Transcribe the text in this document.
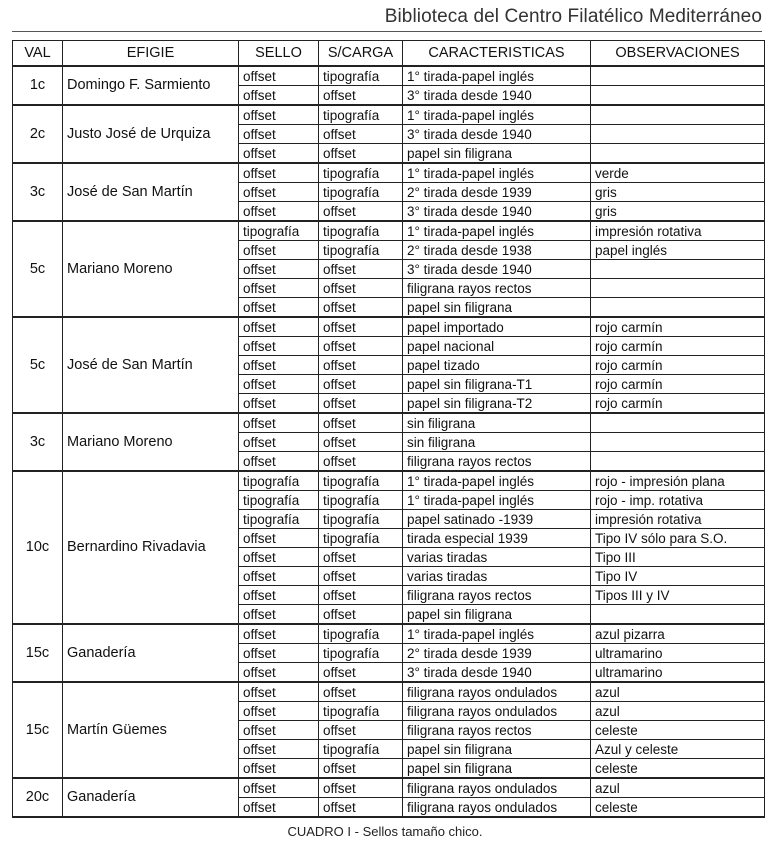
Biblioteca del Centro Filatélico Mediterráneo
VAL	EFIGIE	SELLO	S/CARGA	CARACTERISTICAS	OBSERVACIONES
1c	Domingo F. Sarmiento	offset	tipografía	1° tirada-papel inglés	
		offset	offset	3° tirada desde 1940	
2c	Justo José de Urquiza	offset	tipografía	1° tirada-papel inglés	
		offset	offset	3° tirada desde 1940	
		offset	offset	papel sin filigrana	
3c	José de San Martín	offset	tipografía	1° tirada-papel inglés	verde
		offset	tipografía	2° tirada desde 1939	gris
		offset	offset	3° tirada desde 1940	gris
5c	Mariano Moreno	tipografía	tipografía	1° tirada-papel inglés	impresión rotativa
		offset	tipografía	2° tirada desde 1938	papel inglés
		offset	offset	3° tirada desde 1940	
		offset	offset	filigrana rayos rectos	
		offset	offset	papel sin filigrana	
5c	José de San Martín	offset	offset	papel importado	rojo carmín
		offset	offset	papel nacional	rojo carmín
		offset	offset	papel tizado	rojo carmín
		offset	offset	papel sin filigrana-T1	rojo carmín
		offset	offset	papel sin filigrana-T2	rojo carmín
3c	Mariano Moreno	offset	offset	sin filigrana	
		offset	offset	sin filigrana	
		offset	offset	filigrana rayos rectos	
10c	Bernardino Rivadavia	tipografía	tipografía	1° tirada-papel inglés	rojo - impresión plana
		tipografía	tipografía	1° tirada-papel inglés	rojo - imp. rotativa
		tipografía	tipografía	papel satinado -1939	impresión rotativa
		offset	tipografía	tirada especial 1939	Tipo IV sólo para S.O.
		offset	offset	varias tiradas	Tipo III
		offset	offset	varias tiradas	Tipo IV
		offset	offset	filigrana rayos rectos	Tipos III y IV
		offset	offset	papel sin filigrana	
15c	Ganadería	offset	tipografía	1° tirada-papel inglés	azul pizarra
		offset	tipografía	2° tirada desde 1939	ultramarino
		offset	offset	3° tirada desde 1940	ultramarino
15c	Martín Güemes	offset	offset	filigrana rayos ondulados	azul
		offset	tipografía	filigrana rayos ondulados	azul
		offset	offset	filigrana rayos rectos	celeste
		offset	tipografía	papel sin filigrana	Azul y celeste
		offset	offset	papel sin filigrana	celeste
20c	Ganadería	offset	offset	filigrana rayos ondulados	azul
		offset	offset	filigrana rayos ondulados	celeste
CUADRO I - Sellos tamaño chico.
